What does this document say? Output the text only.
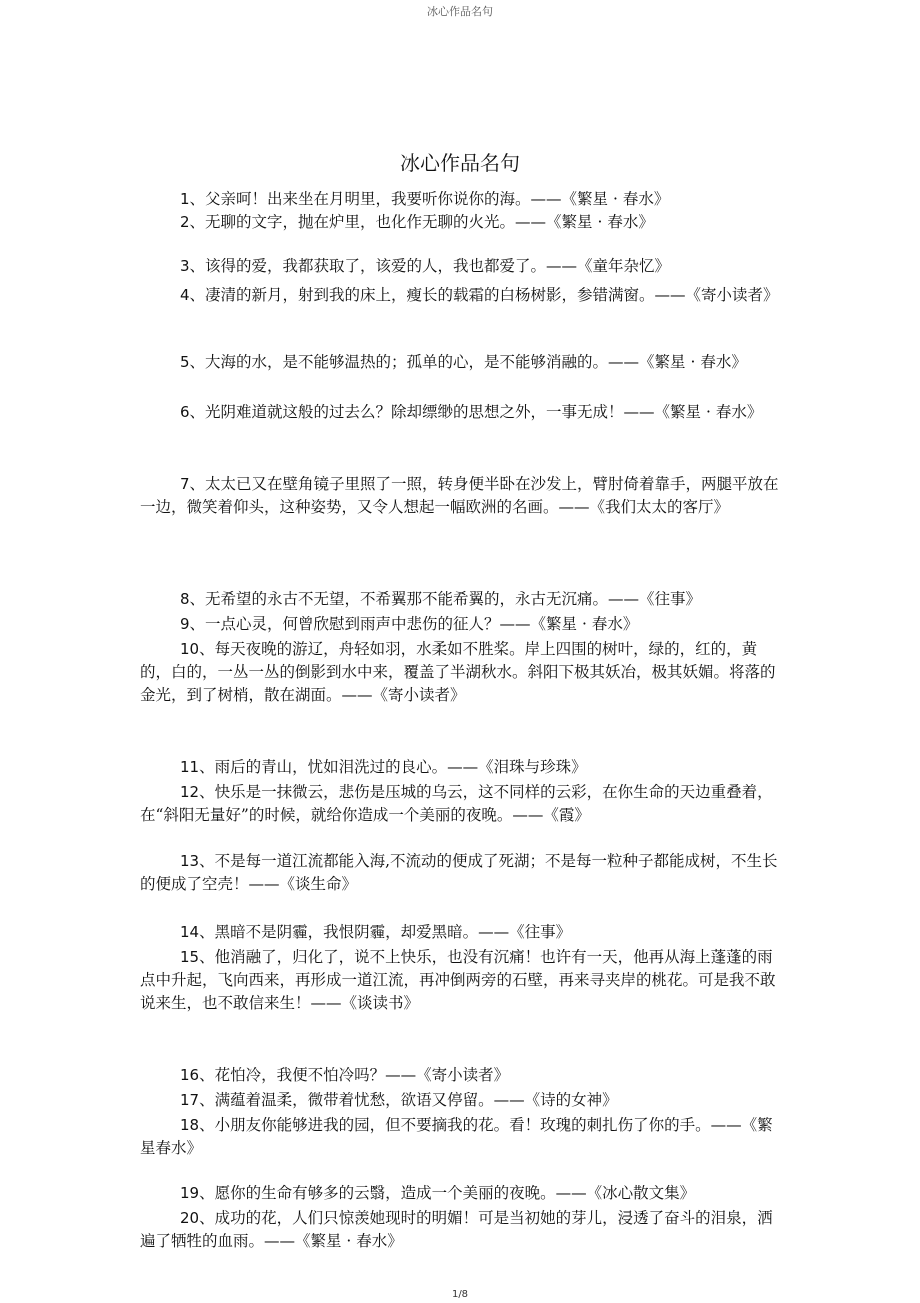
冰心作品名句
冰心作品名句
1、父亲呵！出来坐在月明里，我要听你说你的海。——《繁星 · 春水》
2、无聊的文字，抛在炉里，也化作无聊的火光。——《繁星 · 春水》
3、该得的爱，我都获取了，该爱的人，我也都爱了。——《童年杂忆》
4、凄清的新月，射到我的床上，瘦长的载霜的白杨树影，参错满窗。——《寄小读者》
5、大海的水，是不能够温热的；孤单的心，是不能够消融的。——《繁星 · 春水》
6、光阴难道就这般的过去么？除却缥缈的思想之外，一事无成！——《繁星 · 春水》
7、太太已又在壁角镜子里照了一照，转身便半卧在沙发上，臂肘倚着靠手，两腿平放在一边，微笑着仰头，这种姿势，又令人想起一幅欧洲的名画。——《我们太太的客厅》
8、无希望的永古不无望，不希翼那不能希翼的，永古无沉痛。——《往事》
9、一点心灵，何曾欣慰到雨声中悲伤的征人？——《繁星 · 春水》
10、每天夜晚的游辽，舟轻如羽，水柔如不胜桨。岸上四围的树叶，绿的，红的，黄的，白的，一丛一丛的倒影到水中来，覆盖了半湖秋水。斜阳下极其妖冶，极其妖媚。将落的金光，到了树梢，散在湖面。——《寄小读者》
11、雨后的青山，忧如泪洗过的良心。——《泪珠与珍珠》
12、快乐是一抹微云，悲伤是压城的乌云，这不同样的云彩，在你生命的天边重叠着，在“斜阳无量好”的时候，就给你造成一个美丽的夜晚。——《霞》
13、不是每一道江流都能入海,不流动的便成了死湖；不是每一粒种子都能成树，不生长的便成了空壳！——《谈生命》
14、黑暗不是阴霾，我恨阴霾，却爱黑暗。——《往事》
15、他消融了，归化了，说不上快乐，也没有沉痛！也许有一天，他再从海上蓬蓬的雨点中升起，飞向西来，再形成一道江流，再冲倒两旁的石壁，再来寻夹岸的桃花。可是我不敢说来生，也不敢信来生！——《谈读书》
16、花怕冷，我便不怕冷吗？——《寄小读者》
17、满蕴着温柔，微带着忧愁，欲语又停留。——《诗的女神》
18、小朋友你能够进我的园，但不要摘我的花。看！玫瑰的刺扎伤了你的手。——《繁星春水》
19、愿你的生命有够多的云翳，造成一个美丽的夜晚。——《冰心散文集》
20、成功的花，人们只惊羡她现时的明媚！可是当初她的芽儿，浸透了奋斗的泪泉，洒遍了牺牲的血雨。——《繁星 · 春水》
1/8
